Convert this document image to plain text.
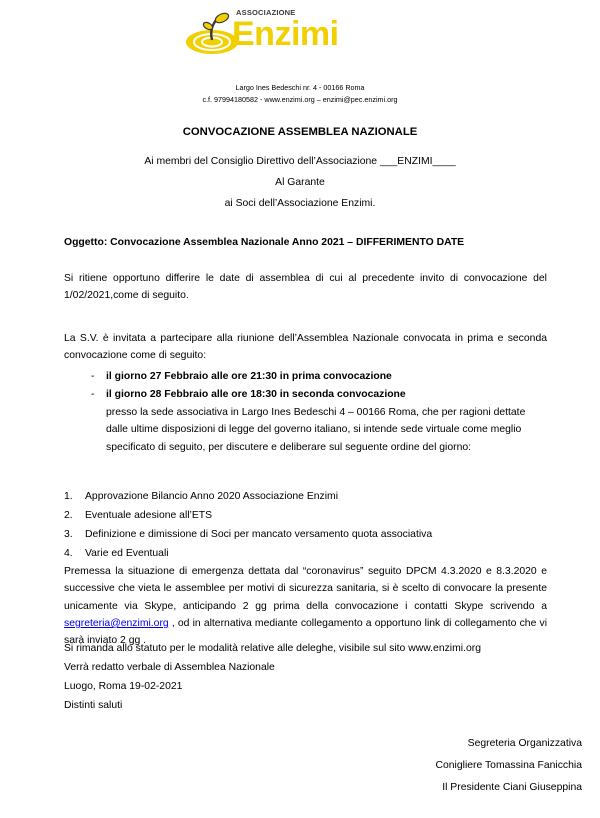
ASSOCIAZIONE
Enzimi
Largo Ines Bedeschi nr. 4 - 00166 Roma
c.f. 97994180582 - www.enzimi.org – enzimi@pec.enzimi.org
CONVOCAZIONE ASSEMBLEA NAZIONALE
Ai membri del Consiglio Direttivo dell’Associazione ___ENZIMI____
Al Garante
ai Soci dell’Associazione Enzimi.
Oggetto: Convocazione Assemblea Nazionale Anno 2021 – DIFFERIMENTO DATE
Si ritiene opportuno differire le date di assemblea di cui al precedente invito di convocazione del 1/02/2021,come di seguito.
La S.V. è invitata a partecipare alla riunione dell’Assemblea Nazionale convocata in prima e seconda convocazione come di seguito:
- il giorno 27 Febbraio alle ore 21:30 in prima convocazione
- il giorno 28 Febbraio alle ore 18:30 in seconda convocazione
presso la sede associativa in Largo Ines Bedeschi 4 – 00166 Roma, che per ragioni dettate dalle ultime disposizioni di legge del governo italiano, si intende sede virtuale come meglio specificato di seguito, per discutere e deliberare sul seguente ordine del giorno:
1. Approvazione Bilancio Anno 2020 Associazione Enzimi
2. Eventuale adesione all’ETS
3. Definizione e dimissione di Soci per mancato versamento quota associativa
4. Varie ed Eventuali
Premessa la situazione di emergenza dettata dal “coronavirus” seguito DPCM 4.3.2020 e 8.3.2020 e successive che vieta le assemblee per motivi di sicurezza sanitaria, si è scelto di convocare la presente unicamente via Skype, anticipando 2 gg prima della convocazione i contatti Skype scrivendo a segreteria@enzimi.org , od in alternativa mediante collegamento a opportuno link di collegamento che vi sarà inviato 2 gg .
Si rimanda allo statuto per le modalità relative alle deleghe, visibile sul sito www.enzimi.org
Verrà redatto verbale di Assemblea Nazionale
Luogo, Roma 19-02-2021
Distinti saluti
Segreteria Organizzativa
Conigliere Tomassina Fanicchia
Il Presidente Ciani Giuseppina
